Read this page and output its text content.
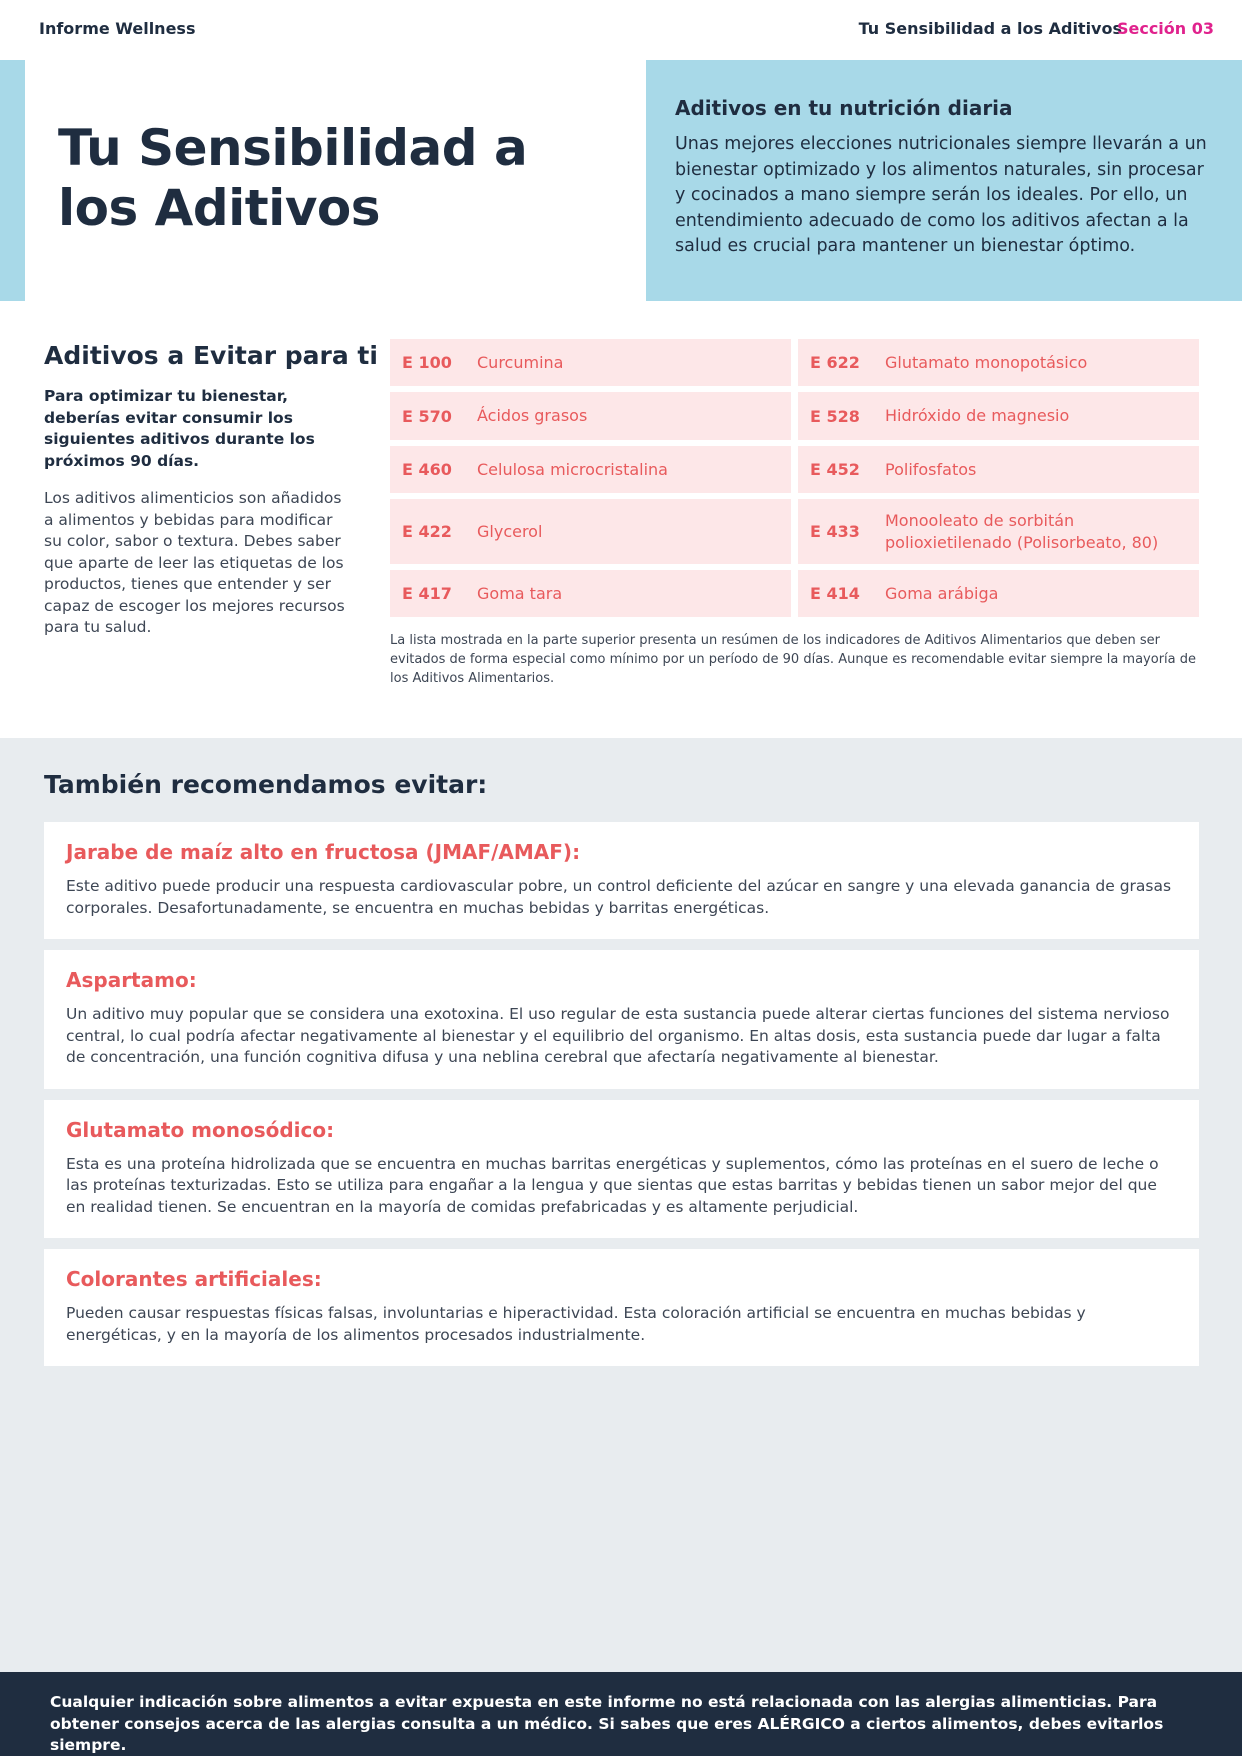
Informe Wellness	Tu Sensibilidad a los Aditivos
Sección 03
Tu Sensibilidad a los Aditivos
Aditivos en tu nutrición diaria
Unas mejores elecciones nutricionales siempre llevarán a un bienestar optimizado y los alimentos naturales, sin procesar y cocinados a mano siempre serán los ideales. Por ello, un entendimiento adecuado de como los aditivos afectan a la salud es crucial para mantener un bienestar óptimo.
Aditivos a Evitar para ti
Para optimizar tu bienestar, deberías evitar consumir los siguientes aditivos durante los próximos 90 días.
Los aditivos alimenticios son añadidos a alimentos y bebidas para modificar su color, sabor o textura. Debes saber que aparte de leer las etiquetas de los productos, tienes que entender y ser capaz de escoger los mejores recursos para tu salud.
E 100	Curcumina	E 622	Glutamato monopotásico
E 570	Ácidos grasos	E 528	Hidróxido de magnesio
E 460	Celulosa microcristalina	E 452	Polifosfatos
E 422	Glycerol	E 433
Monooleato de sorbitán polioxietilenado (Polisorbeato, 80)
E 417	Goma tara	E 414	Goma arábiga
La lista mostrada en la parte superior presenta un resúmen de los indicadores de Aditivos Alimentarios que deben ser evitados de forma especial como mínimo por un período de 90 días. Aunque es recomendable evitar siempre la mayoría de los Aditivos Alimentarios.
También recomendamos evitar:
Jarabe de maíz alto en fructosa (JMAF/AMAF):
Este aditivo puede producir una respuesta cardiovascular pobre, un control deficiente del azúcar en sangre y una elevada ganancia de grasas corporales. Desafortunadamente, se encuentra en muchas bebidas y barritas energéticas.
Aspartamo:
Un aditivo muy popular que se considera una exotoxina. El uso regular de esta sustancia puede alterar ciertas funciones del sistema nervioso central, lo cual podría afectar negativamente al bienestar y el equilibrio del organismo. En altas dosis, esta sustancia puede dar lugar a falta de concentración, una función cognitiva difusa y una neblina cerebral que afectaría negativamente al bienestar.
Glutamato monosódico:
Esta es una proteína hidrolizada que se encuentra en muchas barritas energéticas y suplementos, cómo las proteínas en el suero de leche o las proteínas texturizadas. Esto se utiliza para engañar a la lengua y que sientas que estas barritas y bebidas tienen un sabor mejor del que en realidad tienen. Se encuentran en la mayoría de comidas prefabricadas y es altamente perjudicial.
Colorantes artificiales:
Pueden causar respuestas físicas falsas, involuntarias e hiperactividad. Esta coloración artificial se encuentra en muchas bebidas y energéticas, y en la mayoría de los alimentos procesados industrialmente.
Cualquier indicación sobre alimentos a evitar expuesta en este informe no está relacionada con las alergias alimenticias. Para obtener consejos acerca de las alergias consulta a un médico. Si sabes que eres ALÉRGICO a ciertos alimentos, debes evitarlos siempre.
